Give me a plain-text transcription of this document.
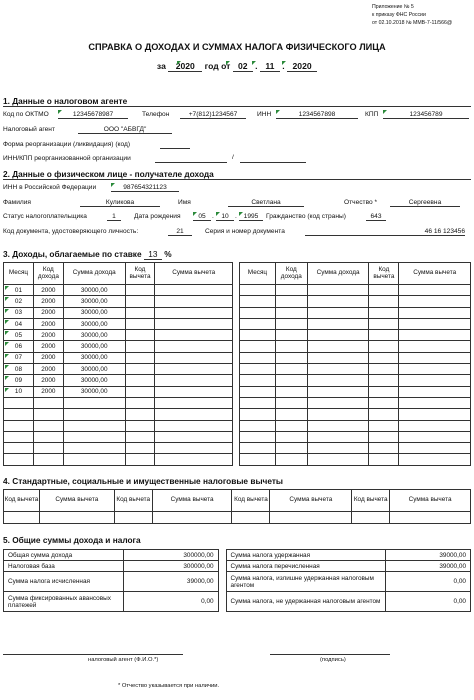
Приложение № 5
к приказу ФНС России
от 02.10.2018 № ММВ-7-11/566@
СПРАВКА О ДОХОДАХ И СУММАХ НАЛОГА ФИЗИЧЕСКОГО ЛИЦА
за 2020 год от 02 . 11 . 2020
1. Данные о налоговом агенте
Код по ОКТМО	12345678987	Телефон	+7(812)1234567	ИНН	1234567898	КПП	123456789
Налоговый агент	ООО "АБВГД"
Форма реорганизации (ликвидация) (код)
ИНН/КПП реорганизованной организации	/
2. Данные о физическом лице - получателе дохода
ИНН в Российской Федерации	987654321123
Фамилия	Куликова	Имя	Светлана	Отчество *	Сергеевна
Статус налогоплательщика	1	Дата рождения	05 .	10 .	1995	Гражданство (код страны)	643
Код документа, удостоверяющего личность:	21	Серия и номер документа	46 16 123456
3. Доходы, облагаемые по ставке 13 %
Месяц	Код дохода	Сумма дохода	Код вычета	Сумма вычета
01	2000	30000,00		
02	2000	30000,00		
03	2000	30000,00		
04	2000	30000,00		
05	2000	30000,00		
06	2000	30000,00		
07	2000	30000,00		
08	2000	30000,00		
09	2000	30000,00		
10	2000	30000,00		

Месяц	Код дохода	Сумма дохода	Код вычета	Сумма вычета

4. Стандартные, социальные и имущественные налоговые вычеты
Код вычета	Сумма вычета	Код вычета	Сумма вычета	Код вычета	Сумма вычета	Код вычета	Сумма вычета

5. Общие суммы дохода и налога
Общая сумма дохода	300000,00		Сумма налога удержанная	39000,00
Налоговая база	300000,00		Сумма налога перечисленная	39000,00
Сумма налога исчисленная	39000,00		Сумма налога, излишне удержанная налоговым агентом	0,00
Сумма фиксированных авансовых платежей	0,00		Сумма налога, не удержанная налоговым агентом	0,00
налоговый агент (Ф.И.О.*)	(подпись)
* Отчество указывается при наличии.
